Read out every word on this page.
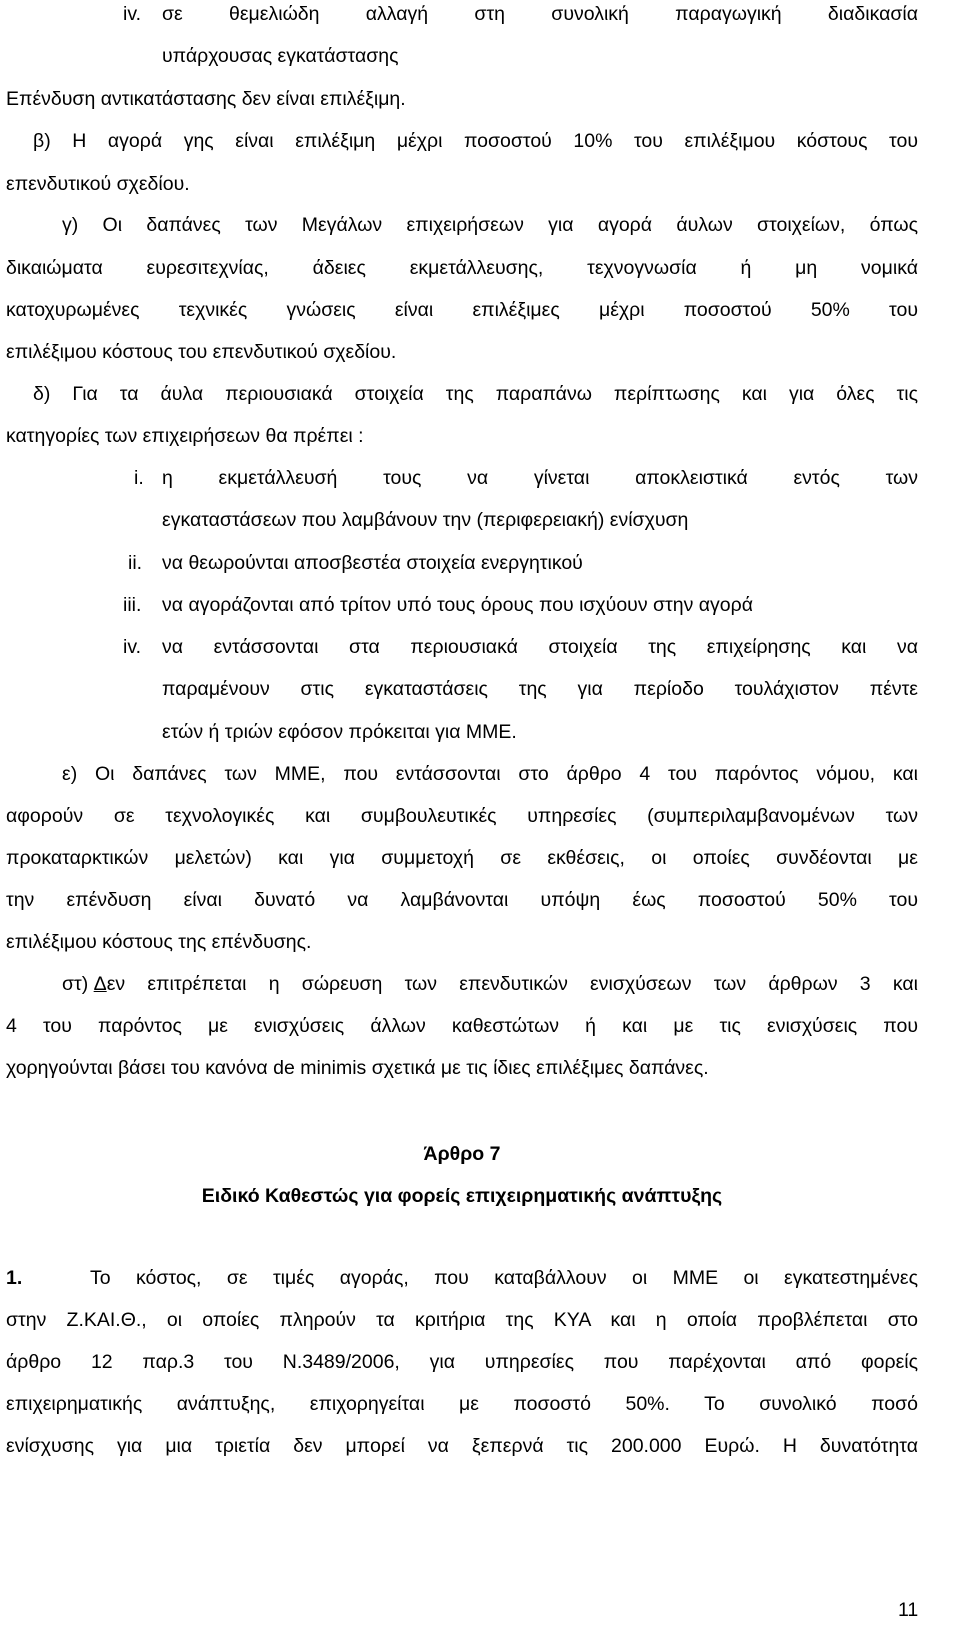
iv. σε θεμελιώδη αλλαγή στη συνολική παραγωγική διαδικασία
υπάρχουσας εγκατάστασης
Επένδυση αντικατάστασης δεν είναι επιλέξιμη.
β) Η αγορά γης είναι επιλέξιμη μέχρι ποσοστού 10% του επιλέξιμου κόστους του
επενδυτικού σχεδίου.
γ) Οι δαπάνες των Μεγάλων επιχειρήσεων για αγορά άυλων στοιχείων, όπως
δικαιώματα ευρεσιτεχνίας, άδειες εκμετάλλευσης, τεχνογνωσία ή μη νομικά
κατοχυρωμένες τεχνικές γνώσεις είναι επιλέξιμες μέχρι ποσοστού 50% του
επιλέξιμου κόστους του επενδυτικού σχεδίου.
δ) Για τα άυλα περιουσιακά στοιχεία της παραπάνω περίπτωσης και για όλες τις
κατηγορίες των επιχειρήσεων θα πρέπει :
i. η εκμετάλλευσή τους να γίνεται αποκλειστικά εντός των
εγκαταστάσεων που λαμβάνουν την (περιφερειακή) ενίσχυση
ii. να θεωρούνται αποσβεστέα στοιχεία ενεργητικού
iii. να αγοράζονται από τρίτον υπό τους όρους που ισχύουν στην αγορά
iv. να εντάσσονται στα περιουσιακά στοιχεία της επιχείρησης και να
παραμένουν στις εγκαταστάσεις της για περίοδο τουλάχιστον πέντε
ετών ή τριών εφόσον πρόκειται για ΜΜΕ.
ε) Οι δαπάνες των ΜΜΕ, που εντάσσονται στο άρθρο 4 του παρόντος νόμου, και
αφορούν σε τεχνολογικές και συμβουλευτικές υπηρεσίες (συμπεριλαμβανομένων των
προκαταρκτικών μελετών) και για συμμετοχή σε εκθέσεις, οι οποίες συνδέονται με
την επένδυση είναι δυνατό να λαμβάνονται υπόψη έως ποσοστού 50% του
επιλέξιμου κόστους της επένδυσης.
στ) Δ εν επιτρέπεται η σώρευση των επενδυτικών ενισχύσεων των άρθρων 3 και
4 του παρόντος με ενισχύσεις άλλων καθεστώτων ή και με τις ενισχύσεις που
χορηγούνται βάσει του κανόνα de minimis σχετικά με τις ίδιες επιλέξιμες δαπάνες.
Άρθρο 7
Ειδικό Καθεστώς για φορείς επιχειρηματικής ανάπτυξης
1.	Το κόστος, σε τιμές αγοράς, που καταβάλλουν οι ΜΜΕ οι εγκατεστημένες
στην Ζ.ΚΑΙ.Θ., οι οποίες πληρούν τα κριτήρια της ΚΥΑ και η οποία προβλέπεται στο
άρθρο 12 παρ.3 του Ν.3489/2006, για υπηρεσίες που παρέχονται από φορείς
επιχειρηματικής ανάπτυξης, επιχορηγείται με ποσοστό 50%. Το συνολικό ποσό
ενίσχυσης για μια τριετία δεν μπορεί να ξεπερνά τις 200.000 Ευρώ. Η δυνατότητα
11
